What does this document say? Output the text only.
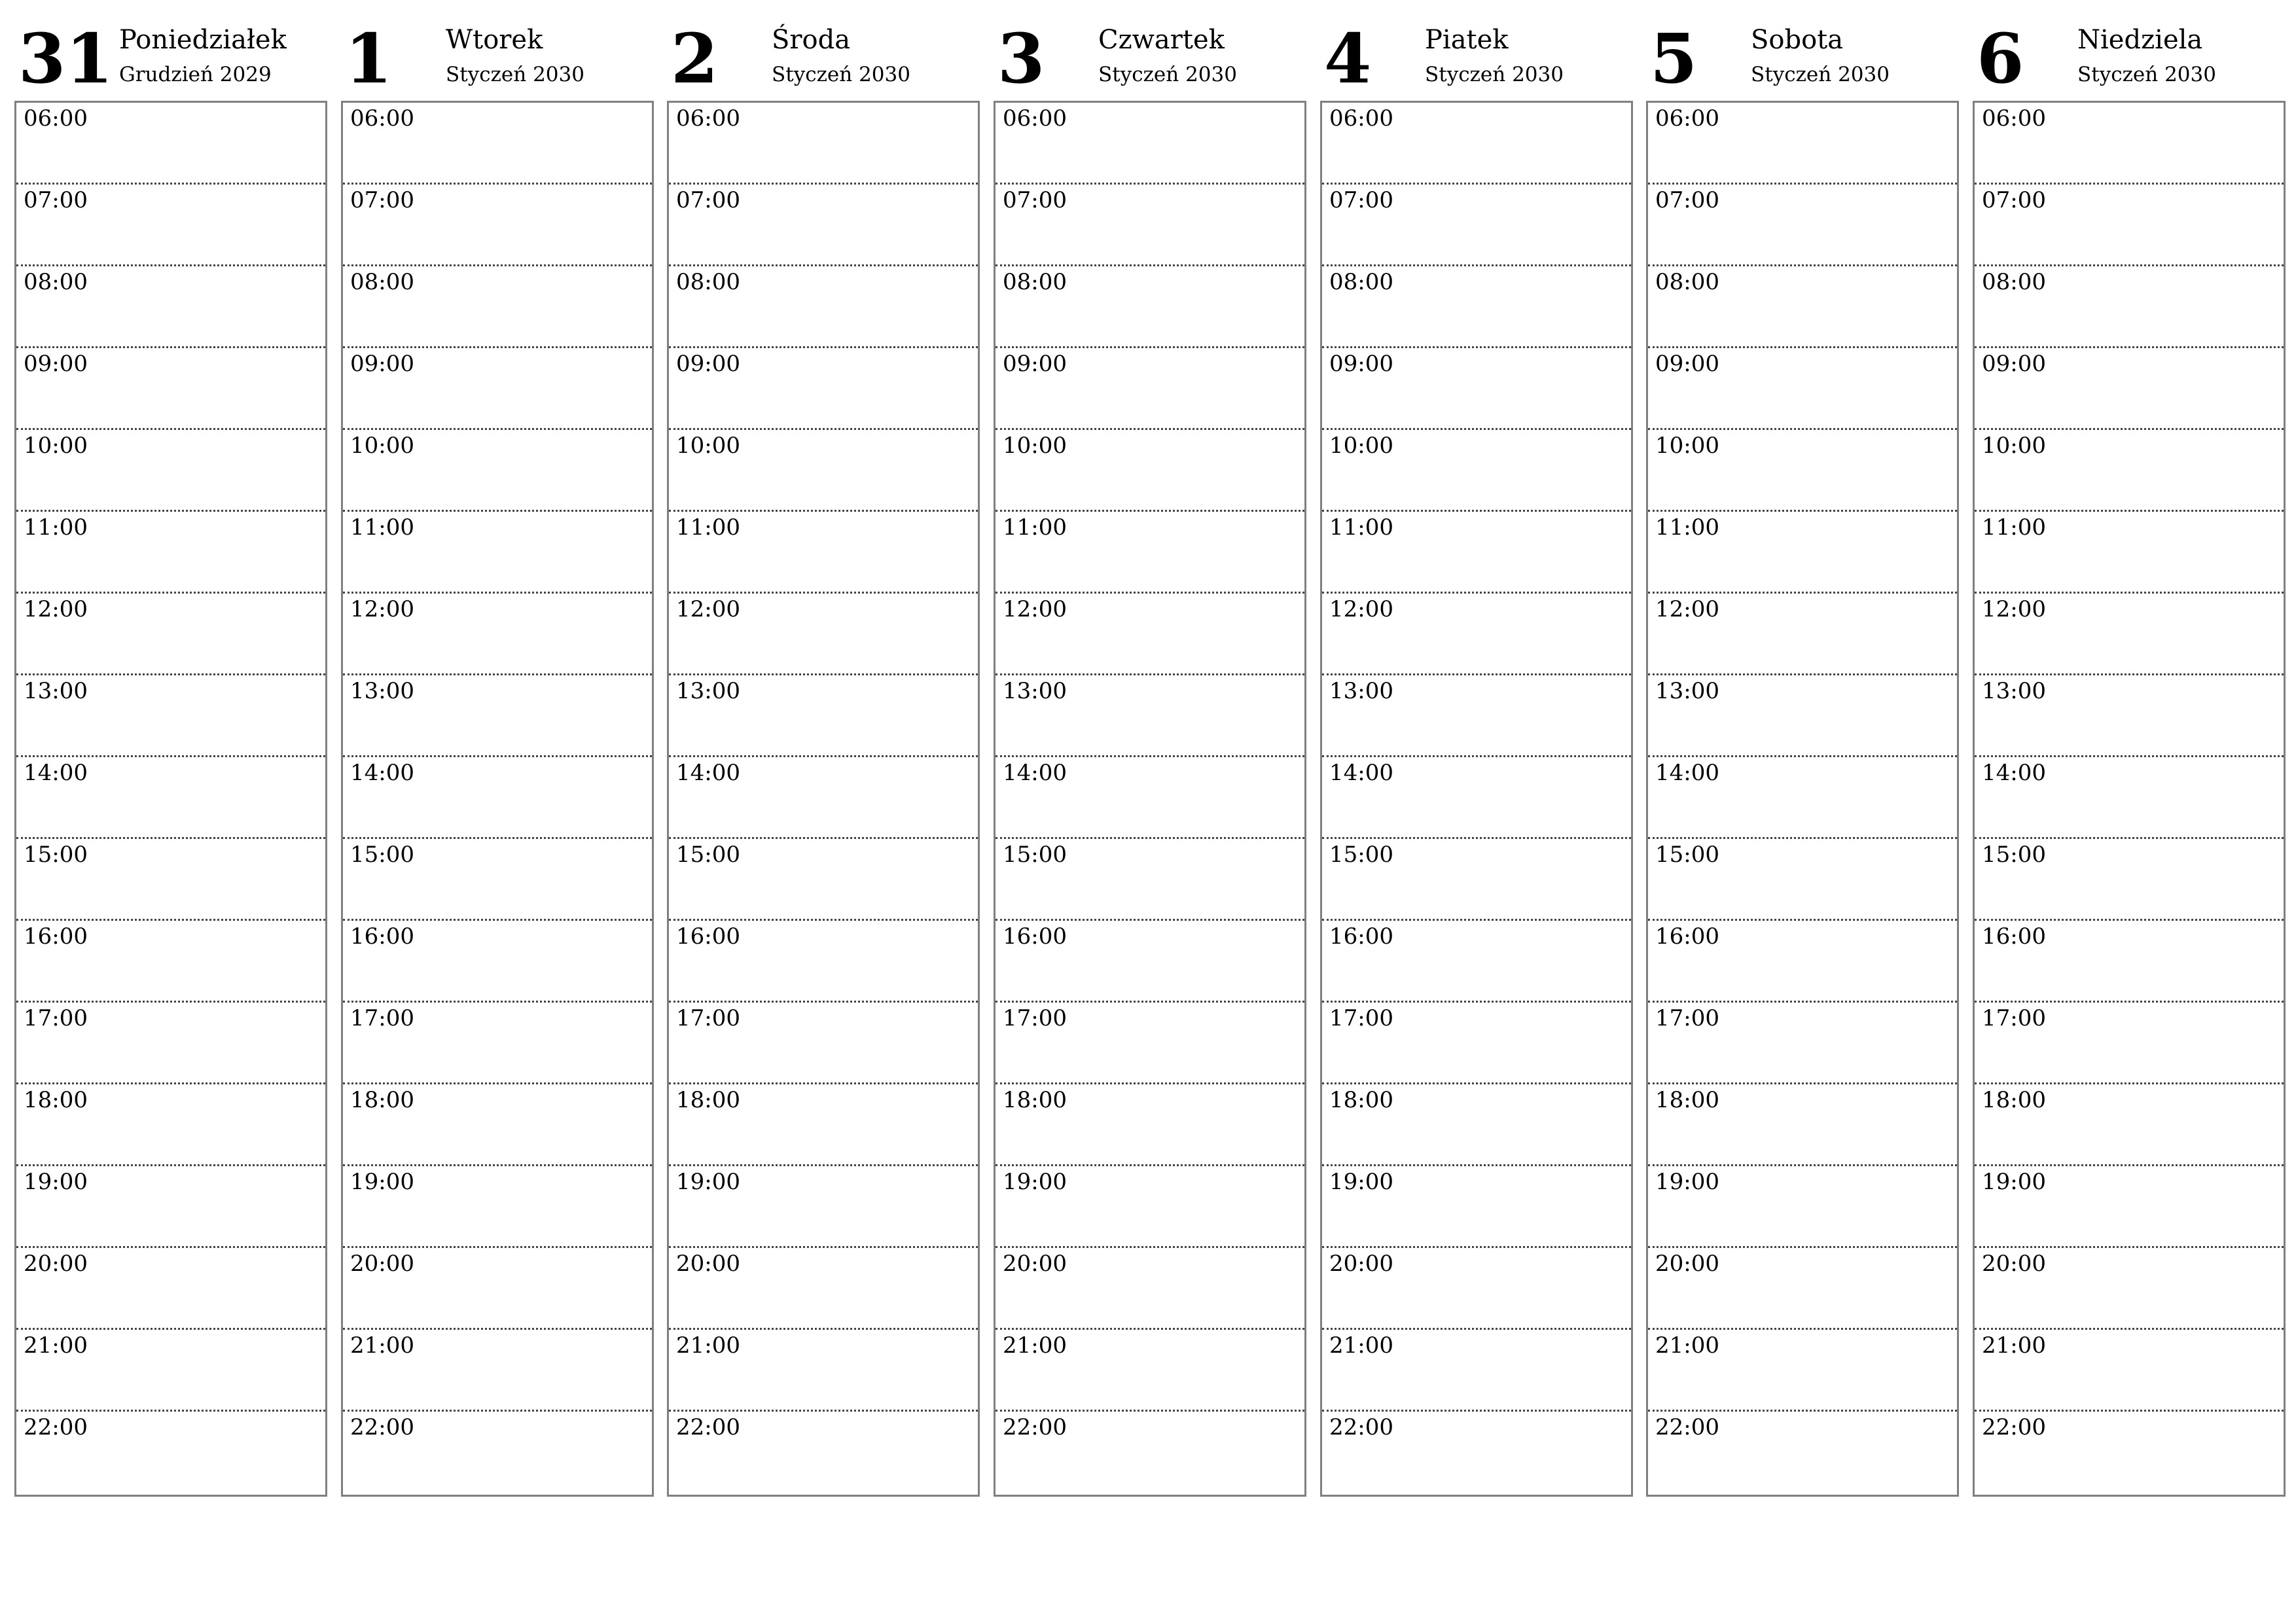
31 Poniedziałek
Grudzień 2029
06:00
07:00
08:00
09:00
10:00
11:00
12:00
13:00
14:00
15:00
16:00
17:00
18:00
19:00
20:00
21:00
22:00
1 Wtorek
Styczeń 2030
06:00
07:00
08:00
09:00
10:00
11:00
12:00
13:00
14:00
15:00
16:00
17:00
18:00
19:00
20:00
21:00
22:00
2 Środa
Styczeń 2030
06:00
07:00
08:00
09:00
10:00
11:00
12:00
13:00
14:00
15:00
16:00
17:00
18:00
19:00
20:00
21:00
22:00
3 Czwartek
Styczeń 2030
06:00
07:00
08:00
09:00
10:00
11:00
12:00
13:00
14:00
15:00
16:00
17:00
18:00
19:00
20:00
21:00
22:00
4 Piatek
Styczeń 2030
06:00
07:00
08:00
09:00
10:00
11:00
12:00
13:00
14:00
15:00
16:00
17:00
18:00
19:00
20:00
21:00
22:00
5 Sobota
Styczeń 2030
06:00
07:00
08:00
09:00
10:00
11:00
12:00
13:00
14:00
15:00
16:00
17:00
18:00
19:00
20:00
21:00
22:00
6 Niedziela
Styczeń 2030
06:00
07:00
08:00
09:00
10:00
11:00
12:00
13:00
14:00
15:00
16:00
17:00
18:00
19:00
20:00
21:00
22:00
